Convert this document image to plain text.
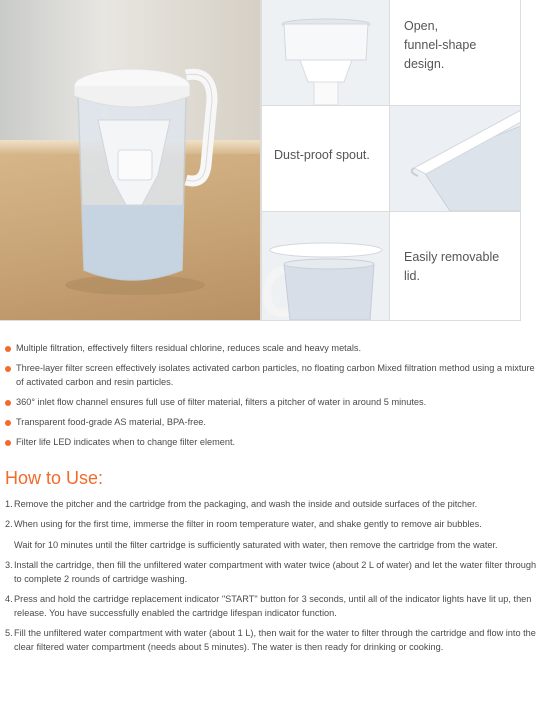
Open,
funnel-shape
design.
Dust-proof spout.
Easily removable
lid.
Multiple filtration, effectively filters residual chlorine, reduces scale and heavy metals.
Three-layer filter screen effectively isolates activated carbon particles, no floating carbon Mixed filtration method using a mixture of activated carbon and resin particles.
360° inlet flow channel ensures full use of filter material, filters a pitcher of water in around 5 minutes.
Transparent food-grade AS material, BPA-free.
Filter life LED indicates when to change filter element.
How to Use:
1. Remove the pitcher and the cartridge from the packaging, and wash the inside and outside surfaces of the pitcher.
2. When using for the first time, immerse the filter in room temperature water, and shake gently to remove air bubbles.
Wait for 10 minutes until the filter cartridge is sufficiently saturated with water, then remove the cartridge from the water.
3. Install the cartridge, then fill the unfiltered water compartment with water twice (about 2 L of water) and let the water filter through to complete 2 rounds of cartridge washing.
4. Press and hold the cartridge replacement indicator "START" button for 3 seconds, until all of the indicator lights have lit up, then release. You have successfully enabled the cartridge lifespan indicator function.
5. Fill the unfiltered water compartment with water (about 1 L), then wait for the water to filter through the cartridge and flow into the clear filtered water compartment (needs about 5 minutes). The water is then ready for drinking or cooking.
